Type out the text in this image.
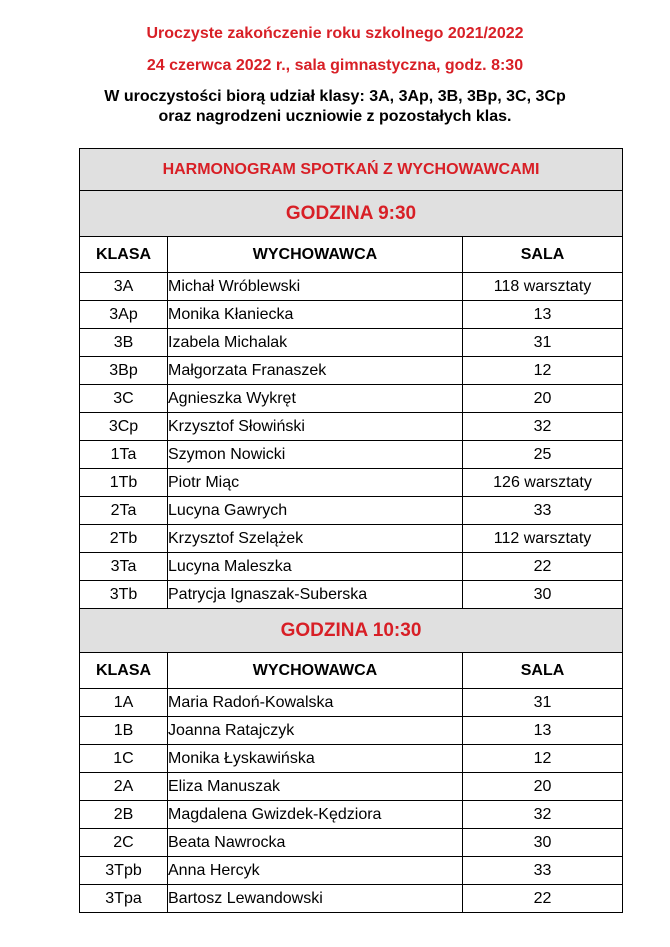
Uroczyste zakończenie roku szkolnego 2021/2022
24 czerwca 2022 r., sala gimnastyczna, godz. 8:30
W uroczystości biorą udział klasy: 3A, 3Ap, 3B, 3Bp, 3C, 3Cp
oraz nagrodzeni uczniowie z pozostałych klas.
HARMONOGRAM SPOTKAŃ Z WYCHOWAWCAMI		
GODZINA 9:30		
KLASA	WYCHOWAWCA	SALA
3A	Michał Wróblewski	118 warsztaty
3Ap	Monika Kłaniecka	13
3B	Izabela Michalak	31
3Bp	Małgorzata Franaszek	12
3C	Agnieszka Wykręt	20
3Cp	Krzysztof Słowiński	32
1Ta	Szymon Nowicki	25
1Tb	Piotr Miąc	126 warsztaty
2Ta	Lucyna Gawrych	33
2Tb	Krzysztof Szelążek	112 warsztaty
3Ta	Lucyna Maleszka	22
3Tb	Patrycja Ignaszak-Suberska	30
GODZINA 10:30		
KLASA	WYCHOWAWCA	SALA
1A	Maria Radoń-Kowalska	31
1B	Joanna Ratajczyk	13
1C	Monika Łyskawińska	12
2A	Eliza Manuszak	20
2B	Magdalena Gwizdek-Kędziora	32
2C	Beata Nawrocka	30
3Tpb	Anna Hercyk	33
3Tpa	Bartosz Lewandowski	22
